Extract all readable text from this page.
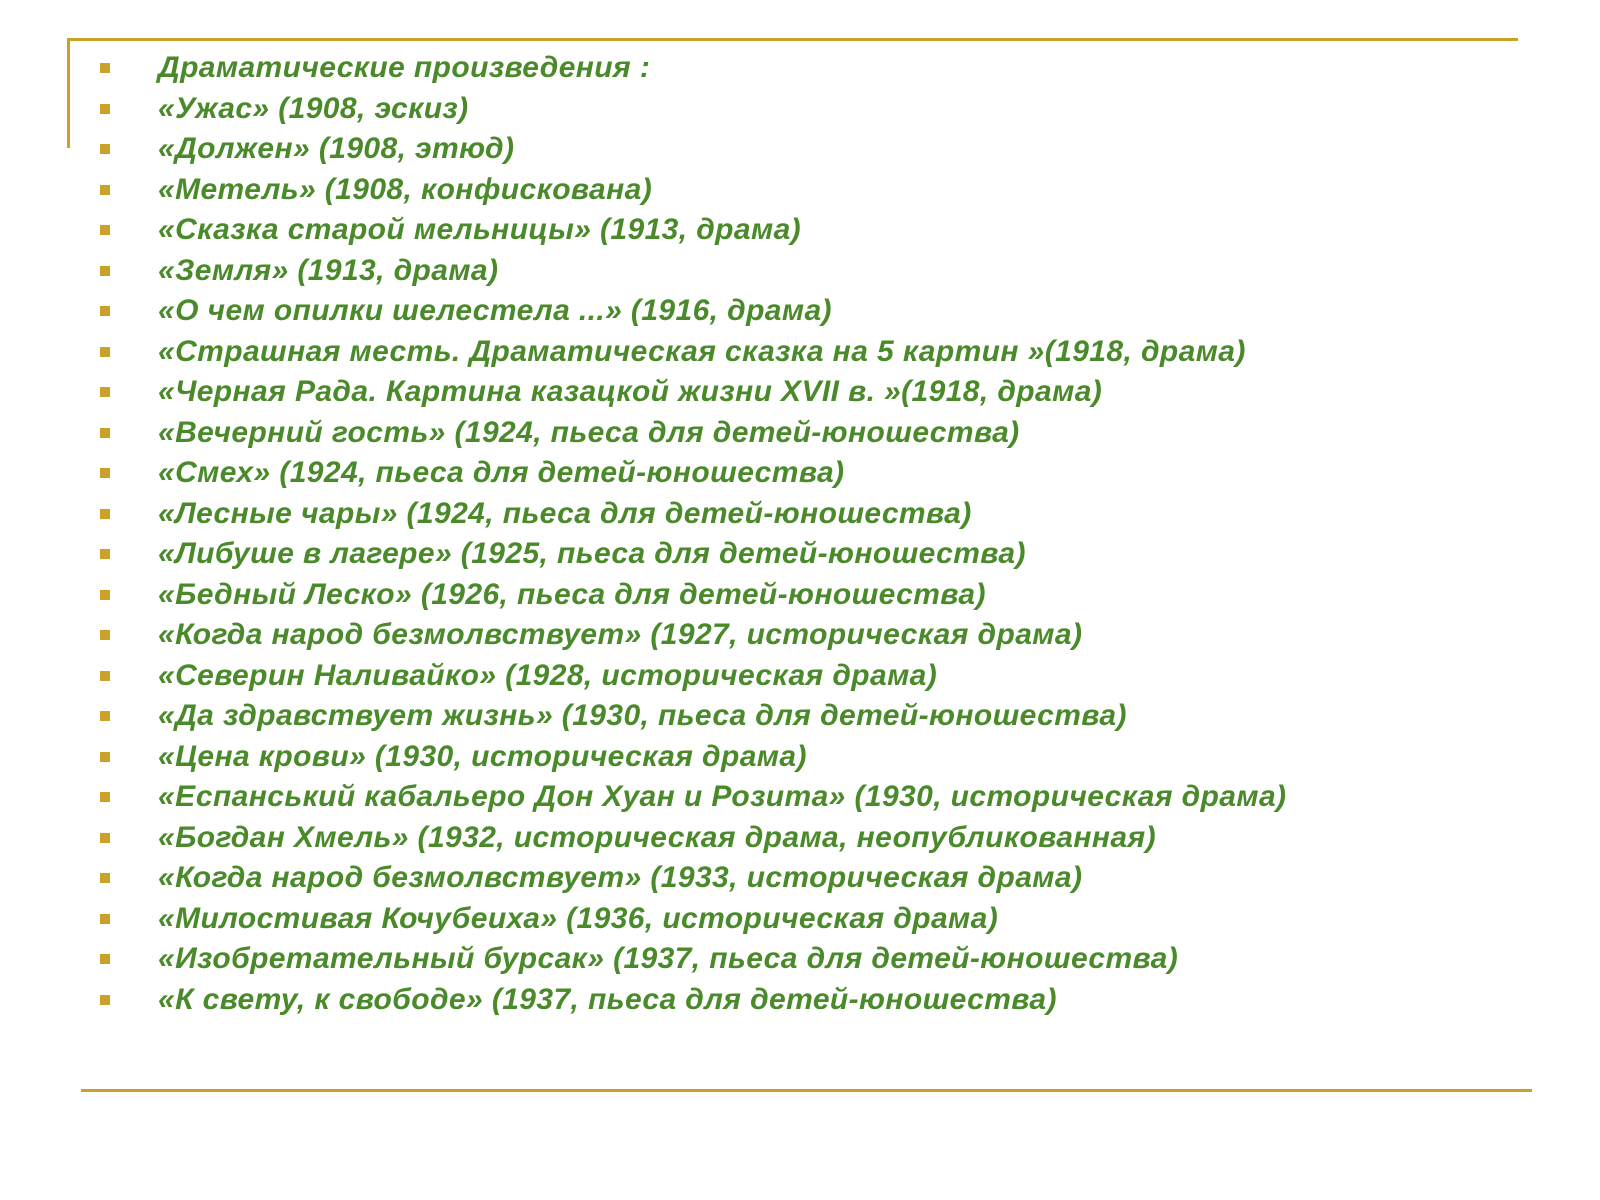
Драматические произведения :
«Ужас» (1908, эскиз)
«Должен» (1908, этюд)
«Метель» (1908, конфискована)
«Сказка старой мельницы» (1913, драма)
«Земля» (1913, драма)
«О чем опилки шелестела ...» (1916, драма)
«Страшная месть. Драматическая сказка на 5 картин »(1918, драма)
«Черная Рада. Картина казацкой жизни XVII в. »(1918, драма)
«Вечерний гость» (1924, пьеса для детей-юношества)
«Смех» (1924, пьеса для детей-юношества)
«Лесные чары» (1924, пьеса для детей-юношества)
«Либуше в лагере» (1925, пьеса для детей-юношества)
«Бедный Леско» (1926, пьеса для детей-юношества)
«Когда народ безмолвствует» (1927, историческая драма)
«Северин Наливайко» (1928, историческая драма)
«Да здравствует жизнь» (1930, пьеса для детей-юношества)
«Цена крови» (1930, историческая драма)
«Еспанський кабальеро Дон Хуан и Розита» (1930, историческая драма)
«Богдан Хмель» (1932, историческая драма, неопубликованная)
«Когда народ безмолвствует» (1933, историческая драма)
«Милостивая Кочубеиха» (1936, историческая драма)
«Изобретательный бурсак» (1937, пьеса для детей-юношества)
«К свету, к свободе» (1937, пьеса для детей-юношества)
